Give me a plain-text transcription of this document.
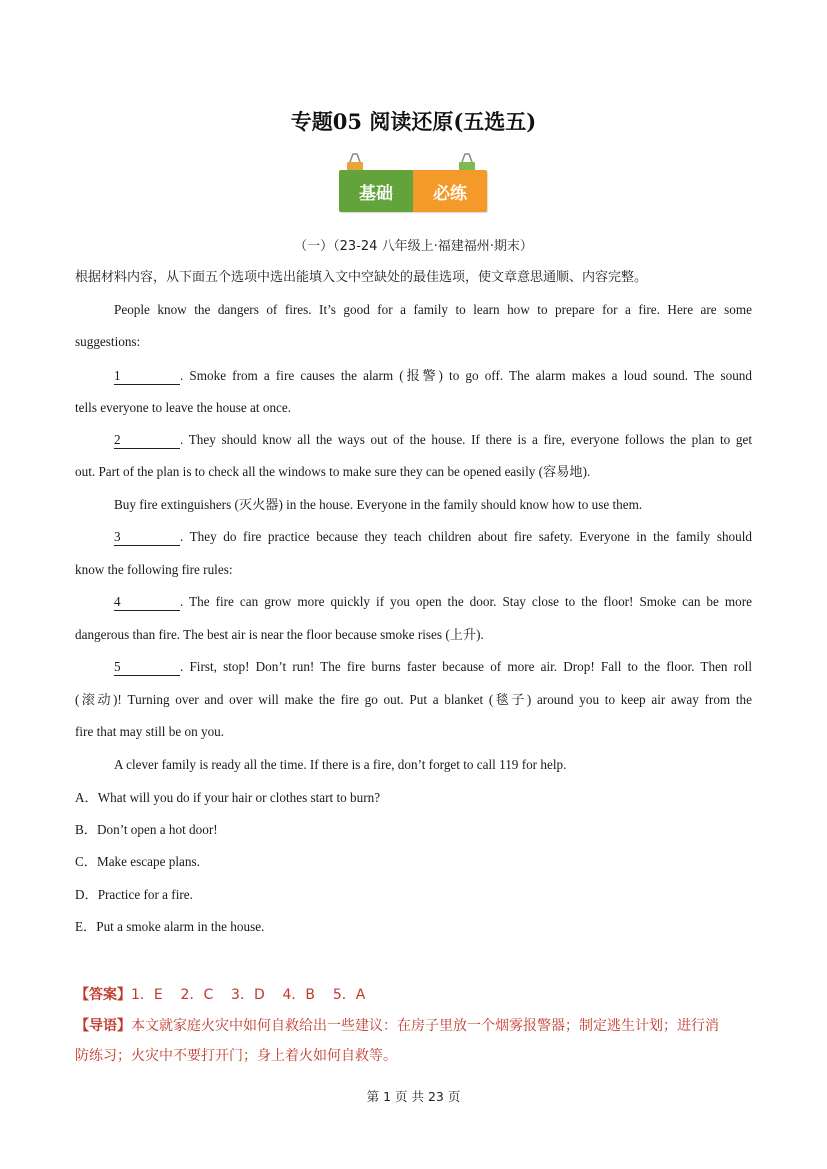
专题05 阅读还原(五选五)
基础	必练
（一）（23-24 八年级上·福建福州·期末）
根据材料内容，从下面五个选项中选出能填入文中空缺处的最佳选项，使文章意思通顺、内容完整。
People know the dangers of fires. It’s good for a family to learn how to prepare for a fire. Here are some
suggestions:
1	. Smoke from a fire causes the alarm (报警) to go off. The alarm makes a loud sound. The sound
tells everyone to leave the house at once.
2	. They should know all the ways out of the house. If there is a fire, everyone follows the plan to get
out. Part of the plan is to check all the windows to make sure they can be opened easily (容易地).
Buy fire extinguishers (灭火器) in the house. Everyone in the family should know how to use them.
3	. They do fire practice because they teach children about fire safety. Everyone in the family should
know the following fire rules:
4	. The fire can grow more quickly if you open the door. Stay close to the floor! Smoke can be more
dangerous than fire. The best air is near the floor because smoke rises (上升).
5	. First, stop! Don’t run! The fire burns faster because of more air. Drop! Fall to the floor. Then roll
(滚动)! Turning over and over will make the fire go out. Put a blanket (毯子) around you to keep air away from the
fire that may still be on you.
A clever family is ready all the time. If there is a fire, don’t forget to call 119 for help.
A．What will you do if your hair or clothes start to burn?
B．Don’t open a hot door!
C．Make escape plans.
D．Practice for a fire.
E．Put a smoke alarm in the house.
【答案】1．E    2．C    3．D    4．B    5．A
【导语】本文就家庭火灾中如何自救给出一些建议：在房子里放一个烟雾报警器；制定逃生计划；进行消
防练习；火灾中不要打开门；身上着火如何自救等。
第 1 页 共 23 页
